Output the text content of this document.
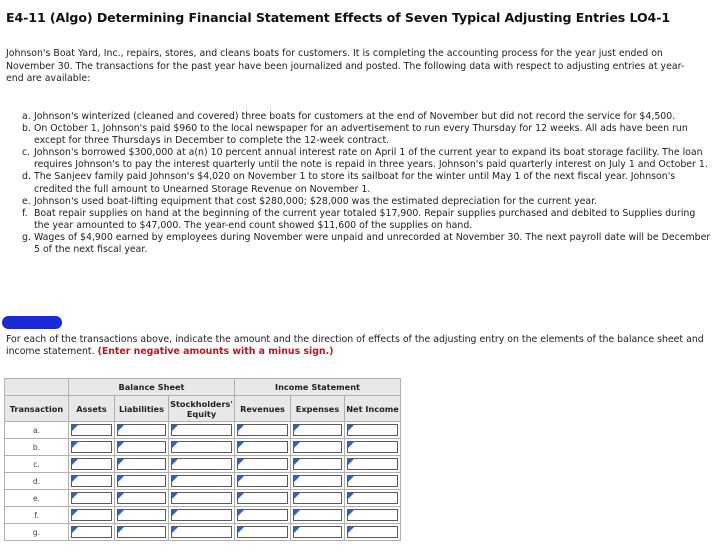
E4-11 (Algo) Determining Financial Statement Effects of Seven Typical Adjusting Entries LO4-1
Johnson's Boat Yard, Inc., repairs, stores, and cleans boats for customers. It is completing the accounting process for the year just ended on November 30. The transactions for the past year have been journalized and posted. The following data with respect to adjusting entries at year-end are available:
a. Johnson's winterized (cleaned and covered) three boats for customers at the end of November but did not record the service for $4,500.
b. On October 1, Johnson's paid $960 to the local newspaper for an advertisement to run every Thursday for 12 weeks. All ads have been run except for three Thursdays in December to complete the 12-week contract.
c. Johnson's borrowed $300,000 at a(n) 10 percent annual interest rate on April 1 of the current year to expand its boat storage facility. The loan requires Johnson's to pay the interest quarterly until the note is repaid in three years. Johnson's paid quarterly interest on July 1 and October 1.
d. The Sanjeev family paid Johnson's $4,020 on November 1 to store its sailboat for the winter until May 1 of the next fiscal year. Johnson's credited the full amount to Unearned Storage Revenue on November 1.
e. Johnson's used boat-lifting equipment that cost $280,000; $28,000 was the estimated depreciation for the current year.
f. Boat repair supplies on hand at the beginning of the current year totaled $17,900. Repair supplies purchased and debited to Supplies during the year amounted to $47,000. The year-end count showed $11,600 of the supplies on hand.
g. Wages of $4,900 earned by employees during November were unpaid and unrecorded at November 30. The next payroll date will be December 5 of the next fiscal year.
For each of the transactions above, indicate the amount and the direction of effects of the adjusting entry on the elements of the balance sheet and income statement. (Enter negative amounts with a minus sign.)
	Balance Sheet			Income Statement		
Transaction	Assets	Liabilities	Stockholders' Equity	Revenues	Expenses	Net Income
a.	

b.	

c.	

d.	

e.	

f.	

g.	
